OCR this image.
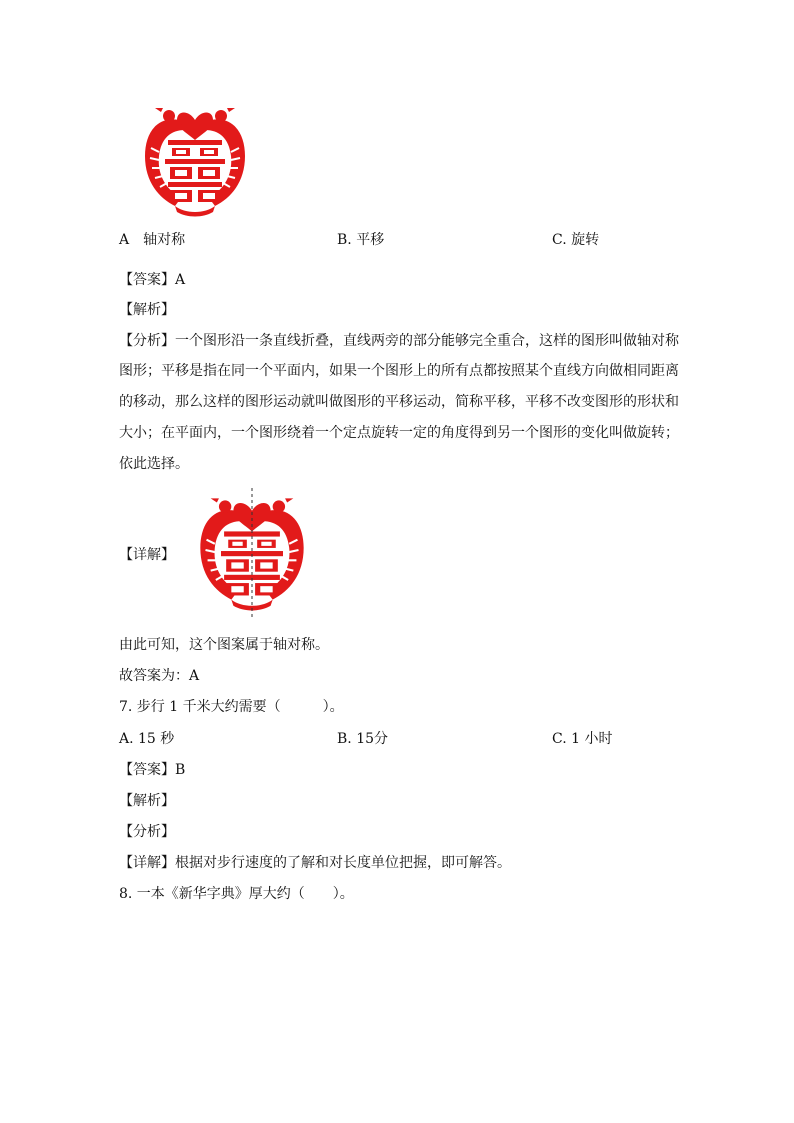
A　轴对称	B. 平移	C. 旋转
【答案】A
【解析】
【分析】一个图形沿一条直线折叠，直线两旁的部分能够完全重合，这样的图形叫做轴对称
图形；平移是指在同一个平面内，如果一个图形上的所有点都按照某个直线方向做相同距离
的移动，那么这样的图形运动就叫做图形的平移运动，简称平移，平移不改变图形的形状和
大小；在平面内，一个图形绕着一个定点旋转一定的角度得到另一个图形的变化叫做旋转；
依此选择。
【详解】
由此可知，这个图案属于轴对称。
故答案为：A
7. 步行 1 千米大约需要（　　　）。
A. 15 秒	B. 15分	C. 1 小时
【答案】B
【解析】
【分析】
【详解】根据对步行速度的了解和对长度单位把握，即可解答。
8. 一本《新华字典》厚大约（　　）。
